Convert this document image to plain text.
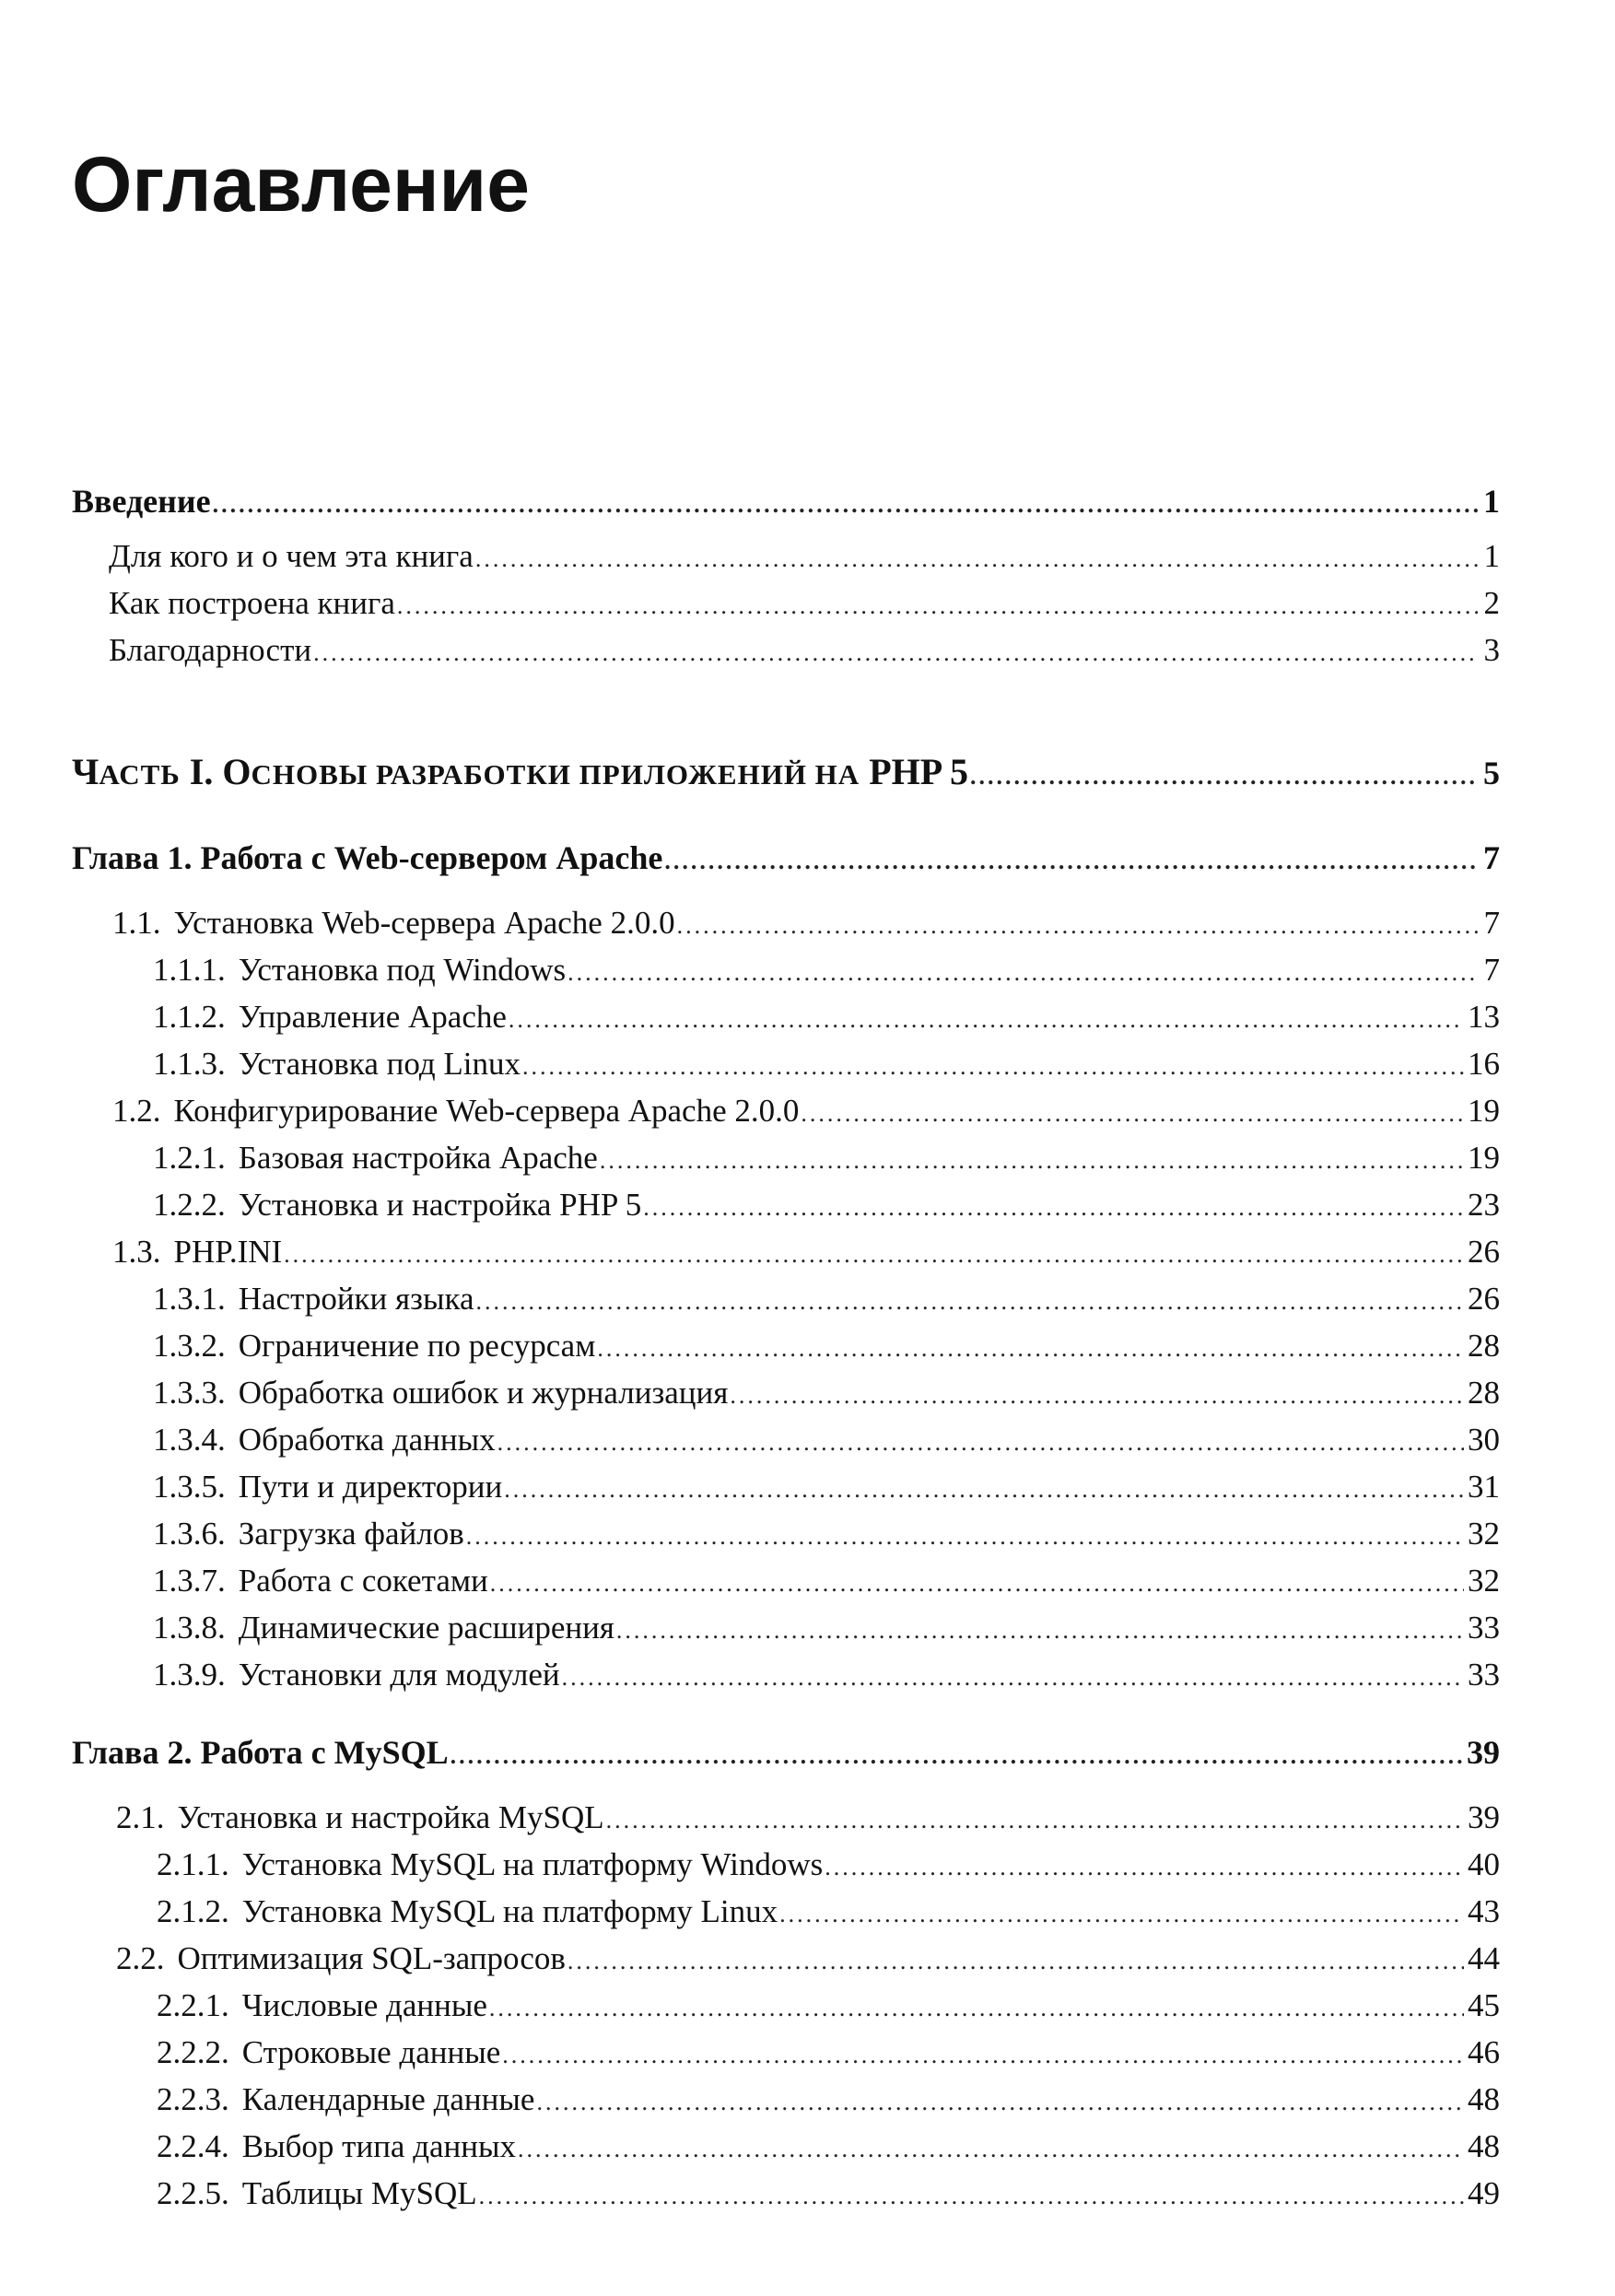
Оглавление
Введение .....	1
Для кого и о чем эта книга .....	1
Как построена книга .....	2
Благодарности .....	3
ЧАСТЬ I. ОСНОВЫ РАЗРАБОТКИ ПРИЛОЖЕНИЙ НА PHP 5 .....	5
Глава 1. Работа с Web-сервером Apache .....	7
1.1. Установка Web-сервера Apache 2.0.0 .....	7
1.1.1. Установка под Windows .....	7
1.1.2. Управление Apache .....	13
1.1.3. Установка под Linux .....	16
1.2. Конфигурирование Web-сервера Apache 2.0.0 .....	19
1.2.1. Базовая настройка Apache .....	19
1.2.2. Установка и настройка PHP 5 .....	23
1.3. PHP.INI .....	26
1.3.1. Настройки языка .....	26
1.3.2. Ограничение по ресурсам .....	28
1.3.3. Обработка ошибок и журнализация .....	28
1.3.4. Обработка данных .....	30
1.3.5. Пути и директории .....	31
1.3.6. Загрузка файлов .....	32
1.3.7. Работа с сокетами .....	32
1.3.8. Динамические расширения .....	33
1.3.9. Установки для модулей .....	33
Глава 2. Работа с MySQL .....	39
2.1. Установка и настройка MySQL .....	39
2.1.1. Установка MySQL на платформу Windows .....	40
2.1.2. Установка MySQL на платформу Linux .....	43
2.2. Оптимизация SQL-запросов .....	44
2.2.1. Числовые данные .....	45
2.2.2. Строковые данные .....	46
2.2.3. Календарные данные .....	48
2.2.4. Выбор типа данных .....	48
2.2.5. Таблицы MySQL .....	49
